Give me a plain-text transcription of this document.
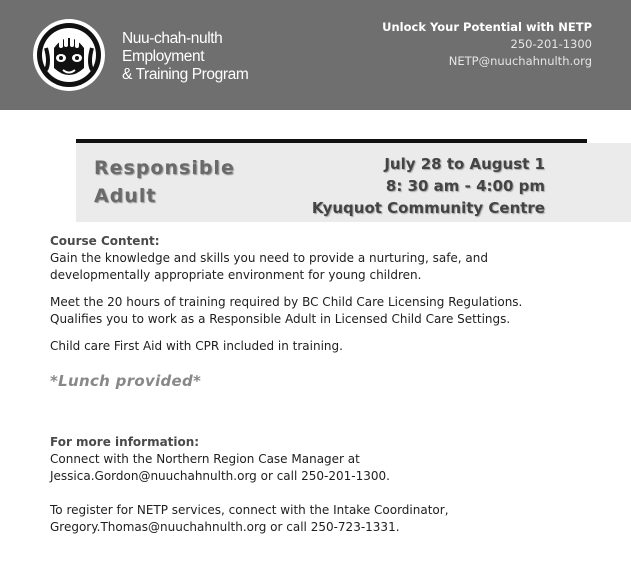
Nuu-chah-nulth
Employment
& Training Program
Unlock Your Potential with NETP
250-201-1300
NETP@nuuchahnulth.org
Responsible
Adult
July 28 to August 1
8: 30 am - 4:00 pm
Kyuquot Community Centre
Course Content:
Gain the knowledge and skills you need to provide a nurturing, safe, and
developmentally appropriate environment for young children.
Meet the 20 hours of training required by BC Child Care Licensing Regulations.
Qualifies you to work as a Responsible Adult in Licensed Child Care Settings.
Child care First Aid with CPR included in training.
*Lunch provided*
For more information:
Connect with the Northern Region Case Manager at
Jessica.Gordon@nuuchahnulth.org or call 250-201-1300.
To register for NETP services, connect with the Intake Coordinator,
Gregory.Thomas@nuuchahnulth.org or call 250-723-1331.
